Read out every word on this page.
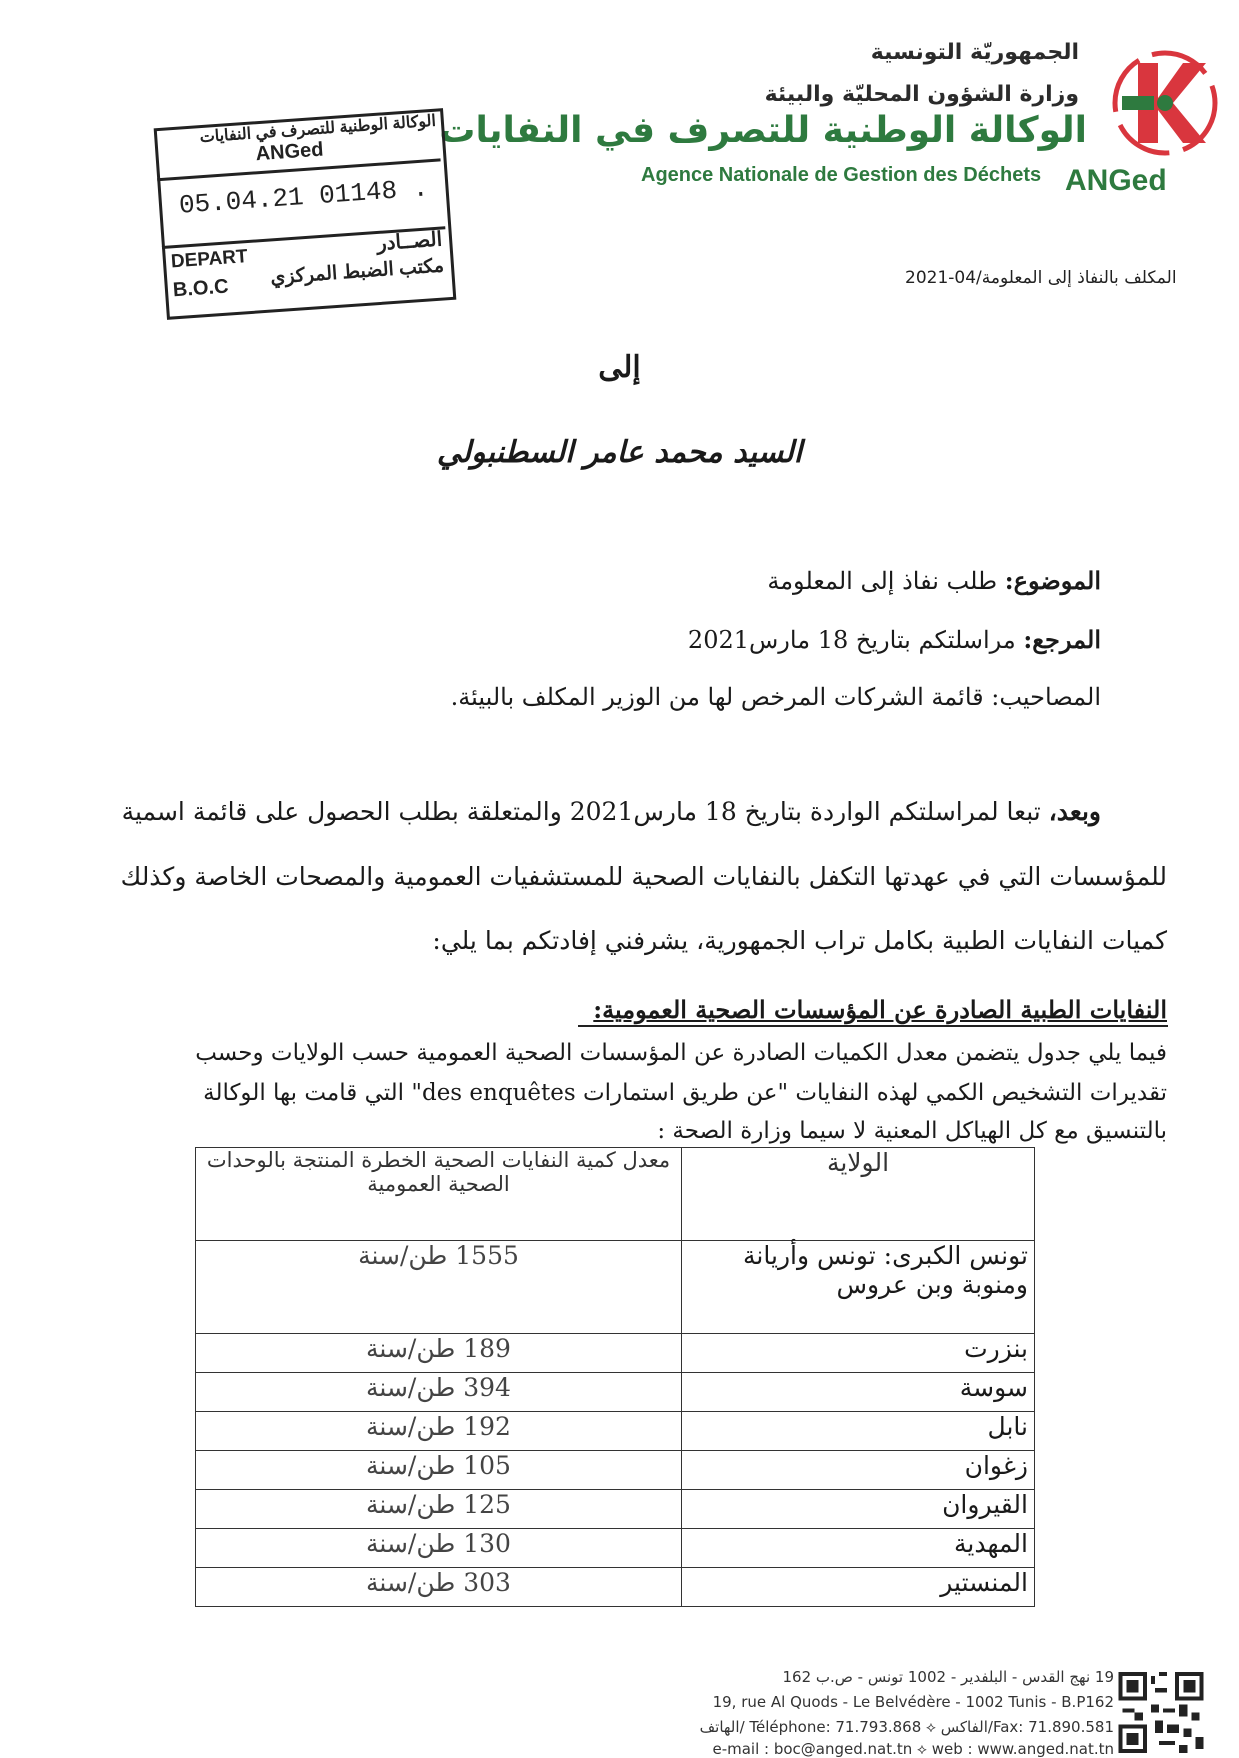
الجمهوريّة التونسية
وزارة الشؤون المحليّة والبيئة
الوكالة الوطنية للتصرف في النفايات
Agence Nationale de Gestion des Déchets ANGed
الوكالة الوطنية للتصرف في النفايات
ANGed
05.04.21 01148 .
DEPART
الصــادر
B.O.C مكتب الضبط المركزي	المكلف بالنفاذ إلى المعلومة/04-2021
إلى
السيد محمد عامر السطنبولي
الموضوع: طلب نفاذ إلى المعلومة
المرجع: مراسلتكم بتاريخ 18 مارس2021
المصاحيب: قائمة الشركات المرخص لها من الوزير المكلف بالبيئة.
وبعد، تبعا لمراسلتكم الواردة بتاريخ 18 مارس2021 والمتعلقة بطلب الحصول على قائمة اسمية
للمؤسسات التي في عهدتها التكفل بالنفايات الصحية للمستشفيات العمومية والمصحات الخاصة وكذلك
كميات النفايات الطبية بكامل تراب الجمهورية، يشرفني إفادتكم بما يلي:
النفايات الطبية الصادرة عن المؤسسات الصحية العمومية:
فيما يلي جدول يتضمن معدل الكميات الصادرة عن المؤسسات الصحية العمومية حسب الولايات وحسب
تقديرات التشخيص الكمي لهذه النفايات "عن طريق استمارات des enquêtes" التي قامت بها الوكالة
بالتنسيق مع كل الهياكل المعنية لا سيما وزارة الصحة :
الولاية	معدل كمية النفايات الصحية الخطرة المنتجة بالوحدات الصحية العمومية
تونس الكبرى: تونس وأريانة ومنوبة وبن عروس	1555 طن/سنة
بنزرت	189 طن/سنة
سوسة	394 طن/سنة
نابل	192 طن/سنة
زغوان	105 طن/سنة
القيروان	125 طن/سنة
المهدية	130 طن/سنة
المنستير	303 طن/سنة
19 نهج القدس - البلفدير - 1002 تونس - ص.ب 162
19, rue Al Quods - Le Belvédère - 1002 Tunis - B.P162
الهاتف/ Téléphone: 71.793.868 ⟡ الفاكس/Fax: 71.890.581
e-mail : boc@anged.nat.tn ⟡ web : www.anged.nat.tn
